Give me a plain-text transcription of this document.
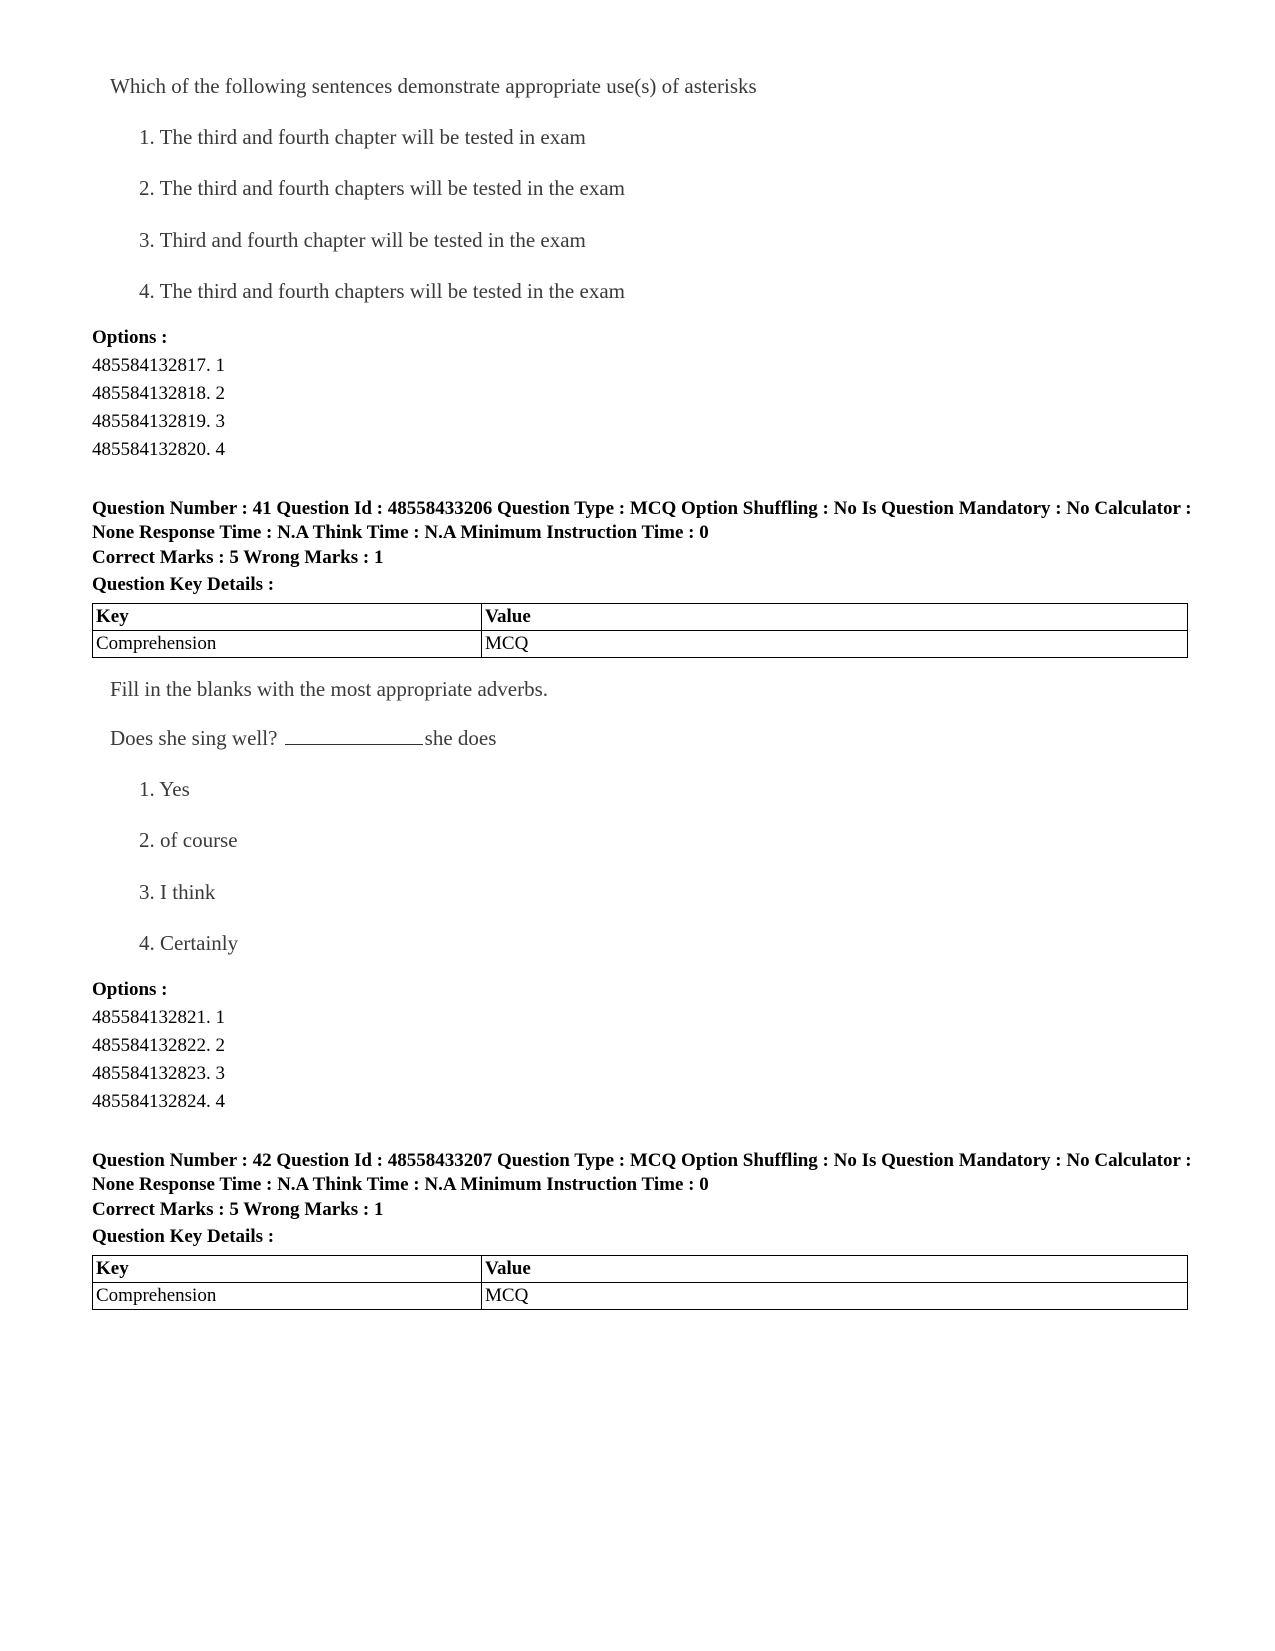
Which of the following sentences demonstrate appropriate use(s) of asterisks
1. The third and fourth chapter will be tested in exam
2. The third and fourth chapters will be tested in the exam
3. Third and fourth chapter will be tested in the exam
4. The third and fourth chapters will be tested in the exam
Options :
485584132817. 1
485584132818. 2
485584132819. 3
485584132820. 4
Question Number : 41 Question Id : 48558433206 Question Type : MCQ Option Shuffling : No Is Question Mandatory : No Calculator : None Response Time : N.A Think Time : N.A Minimum Instruction Time : 0
Correct Marks : 5 Wrong Marks : 1
Question Key Details :
Key	Value
Comprehension	MCQ
Fill in the blanks with the most appropriate adverbs.
Does she sing well?	she does
1. Yes
2. of course
3. I think
4. Certainly
Options :
485584132821. 1
485584132822. 2
485584132823. 3
485584132824. 4
Question Number : 42 Question Id : 48558433207 Question Type : MCQ Option Shuffling : No Is Question Mandatory : No Calculator : None Response Time : N.A Think Time : N.A Minimum Instruction Time : 0
Correct Marks : 5 Wrong Marks : 1
Question Key Details :
Key	Value
Comprehension	MCQ
